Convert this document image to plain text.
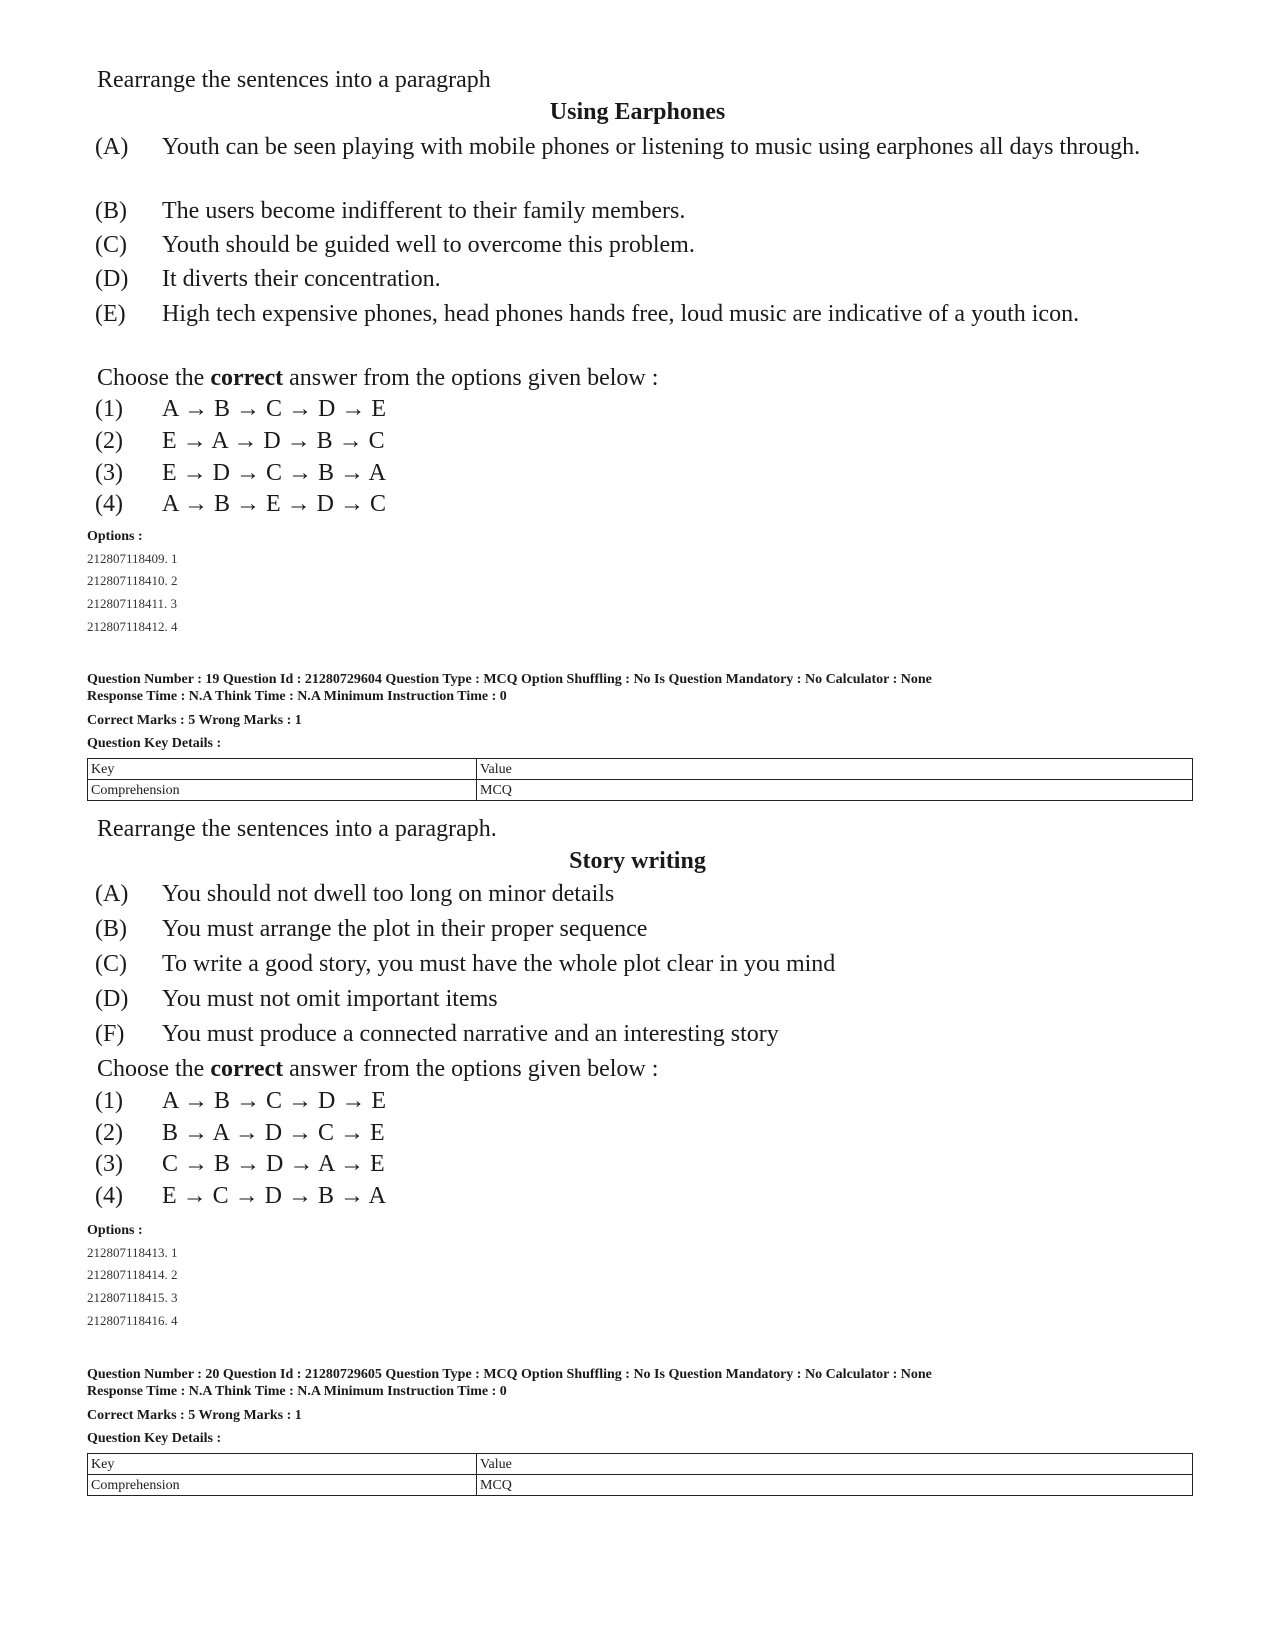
Rearrange the sentences into a paragraph
Using Earphones
(A) Youth can be seen playing with mobile phones or listening to music using earphones all days through.
(B) The users become indifferent to their family members.
(C) Youth should be guided well to overcome this problem.
(D) It diverts their concentration.
(E) High tech expensive phones, head phones hands free, loud music are indicative of a youth icon.
Choose the correct answer from the options given below :
(1) A → B → C → D → E
(2) E → A → D → B → C
(3) E → D → C → B → A
(4) A → B → E → D → C
Options :
212807118409. 1
212807118410. 2
212807118411. 3
212807118412. 4
Question Number : 19 Question Id : 21280729604 Question Type : MCQ Option Shuffling : No Is Question Mandatory : No Calculator : None
Response Time : N.A Think Time : N.A Minimum Instruction Time : 0
Correct Marks : 5 Wrong Marks : 1
Question Key Details :
Key	Value
Comprehension	MCQ
Rearrange the sentences into a paragraph.
Story writing
(A) You should not dwell too long on minor details
(B) You must arrange the plot in their proper sequence
(C) To write a good story, you must have the whole plot clear in you mind
(D) You must not omit important items
(F) You must produce a connected narrative and an interesting story
Choose the correct answer from the options given below :
(1) A → B → C → D → E
(2) B → A → D → C → E
(3) C → B → D → A → E
(4) E → C → D → B → A
Options :
212807118413. 1
212807118414. 2
212807118415. 3
212807118416. 4
Question Number : 20 Question Id : 21280729605 Question Type : MCQ Option Shuffling : No Is Question Mandatory : No Calculator : None
Response Time : N.A Think Time : N.A Minimum Instruction Time : 0
Correct Marks : 5 Wrong Marks : 1
Question Key Details :
Key	Value
Comprehension	MCQ
